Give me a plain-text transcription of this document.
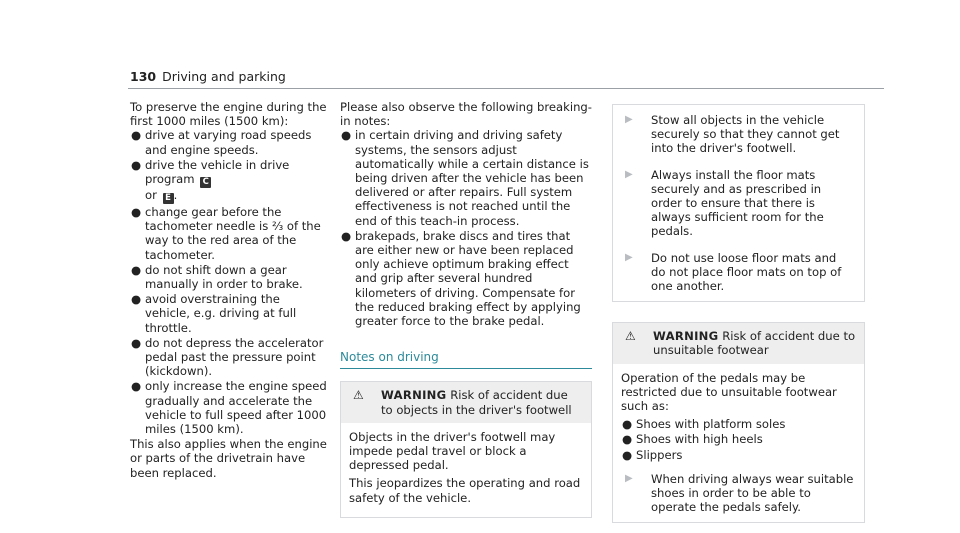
130 Driving and parking

To preserve the engine during the first 1000 miles (1500 km):

● drive at varying road speeds and engine speeds.
● drive the vehicle in drive program C
or E .
● change gear before the tachometer needle is ⅔ of the way to the red area of the tachometer.
● do not shift down a gear manually in order to brake.
● avoid overstraining the vehicle, e.g. driving at full throttle.
● do not depress the accelerator pedal past the pressure point (kickdown).
● only increase the engine speed gradually and accelerate the vehicle to full speed after 1000 miles (1500 km).

This also applies when the engine or parts of the drivetrain have been replaced.

Please also observe the following breaking-in notes:

● in certain driving and driving safety systems, the sensors adjust automatically while a certain distance is being driven after the vehicle has been delivered or after repairs. Full system effectiveness is not reached until the end of this teach-in process.
● brakepads, brake discs and tires that are either new or have been replaced only achieve optimum braking effect and grip after several hundred kilometers of driving. Compensate for the reduced braking effect by applying greater force to the brake pedal.
Notes on driving
⚠	WARNING Risk of accident due to objects in the driver's footwell

Objects in the driver's footwell may impede pedal travel or block a depressed pedal.

This jeopardizes the operating and road safety of the vehicle.

▶	Stow all objects in the vehicle securely so that they cannot get into the driver's footwell.
▶	Always install the floor mats securely and as prescribed in order to ensure that there is always sufficient room for the pedals.
▶	Do not use loose floor mats and do not place floor mats on top of one another.
⚠	WARNING Risk of accident due to unsuitable footwear

Operation of the pedals may be restricted due to unsuitable footwear such as:

● Shoes with platform soles
● Shoes with high heels
● Slippers
▶	When driving always wear suitable shoes in order to be able to operate the pedals safely.
